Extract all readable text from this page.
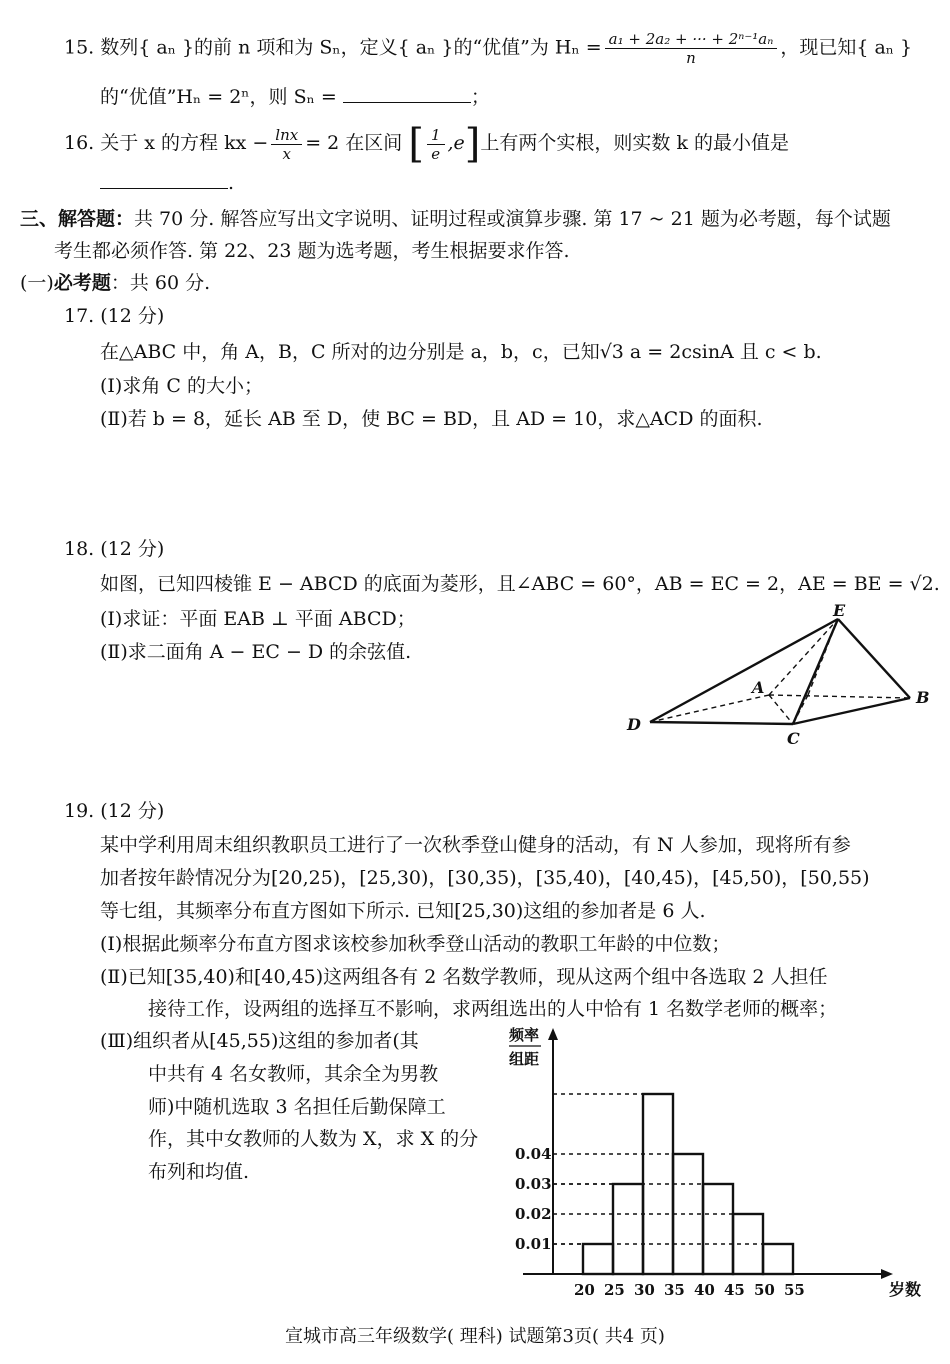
15. 数列{ aₙ }的前 n 项和为 Sₙ，定义{ aₙ }的“优值”为 $H_n = \frac{\text{a₁ + 2a₂ + ··· + 2ⁿ⁻¹aₙ}}{n}$ ，现已知{ aₙ }
的“优值”Hₙ = 2ⁿ，则 Sₙ =	；
16. 关于 x 的方程 kx − $\frac{\ln x}{x} = 2$ 在区间 [ $\frac{1}{e} ,e$]上有两个实根，则实数 k 的最小值是
.
三、解答题：共 70 分. 解答应写出文字说明、证明过程或演算步骤. 第 17 ~ 21 题为必考题，每个试题
考生都必须作答. 第 22、23 题为选考题，考生根据要求作答.
(一)必考题：共 60 分.
17. (12 分)
在△ABC 中，角 A，B，C 所对的边分别是 a，b，c，已知√3 a = 2csinA 且 c < b.
(Ⅰ)求角 C 的大小；
(Ⅱ)若 b = 8，延长 AB 至 D，使 BC = BD，且 AD = 10，求△ACD 的面积.
18. (12 分)
如图，已知四棱锥 E − ABCD 的底面为菱形，且∠ABC = 60°，AB = EC = 2，AE = BE = √2.
(Ⅰ)求证：平面 EAB ⊥ 平面 ABCD；
(Ⅱ)求二面角 A − EC − D 的余弦值.
E
A
B
C
D
19. (12 分)
某中学利用周末组织教职员工进行了一次秋季登山健身的活动，有 N 人参加，现将所有参
加者按年龄情况分为[20,25)，[25,30)，[30,35)，[35,40)，[40,45)，[45,50)，[50,55)
等七组，其频率分布直方图如下所示. 已知[25,30)这组的参加者是 6 人.
(Ⅰ)根据此频率分布直方图求该校参加秋季登山活动的教职工年龄的中位数；
(Ⅱ)已知[35,40)和[40,45)这两组各有 2 名数学教师，现从这两个组中各选取 2 人担任
接待工作，设两组的选择互不影响，求两组选出的人中恰有 1 名数学老师的概率；
(Ⅲ)组织者从[45,55)这组的参加者(其
中共有 4 名女教师，其余全为男教
师)中随机选取 3 名担任后勤保障工
作，其中女教师的人数为 X，求 X 的分
布列和均值.
0.01
0.02
0.03
0.04
20 25 30 35 40 45 50 55
频率
组距
岁数
宣城市高三年级数学( 理科) 试题第3页( 共4 页)
